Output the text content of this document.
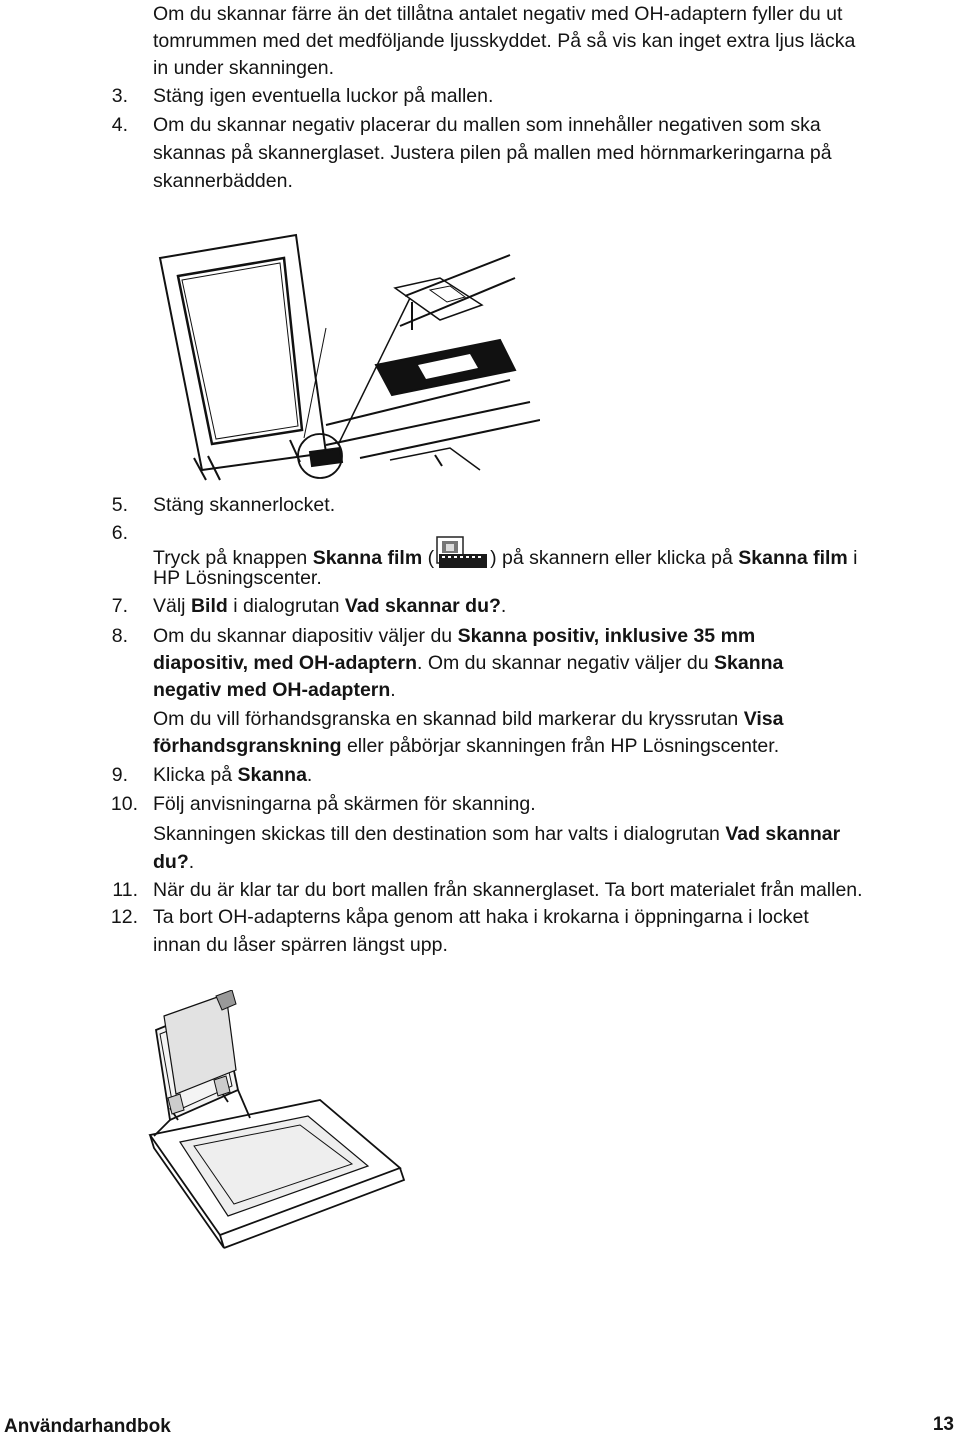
Om du skannar färre än det tillåtna antalet negativ med OH-adaptern fyller du ut
tomrummen med det medföljande ljusskyddet. På så vis kan inget extra ljus läcka
in under skanningen.
3. Stäng igen eventuella luckor på mallen.
4. Om du skannar negativ placerar du mallen som innehåller negativen som ska
skannas på skannerglaset. Justera pilen på mallen med hörnmarkeringarna på
skannerbädden.
5. Stäng skannerlocket.
6.
Tryck på knappen Skanna film (	) på skannern eller klicka på Skanna film i
HP Lösningscenter.
7. Välj Bild i dialogrutan Vad skannar du?.
8. Om du skannar diapositiv väljer du Skanna positiv, inklusive 35 mm
diapositiv, med OH-adaptern. Om du skannar negativ väljer du Skanna
negativ med OH-adaptern.
Om du vill förhandsgranska en skannad bild markerar du kryssrutan Visa
förhandsgranskning eller påbörjar skanningen från HP Lösningscenter.
9. Klicka på Skanna.
10. Följ anvisningarna på skärmen för skanning.
Skanningen skickas till den destination som har valts i dialogrutan Vad skannar
du?.
11. När du är klar tar du bort mallen från skannerglaset. Ta bort materialet från mallen.
12. Ta bort OH-adapterns kåpa genom att haka i krokarna i öppningarna i locket
innan du låser spärren längst upp.
Användarhandbok	13
